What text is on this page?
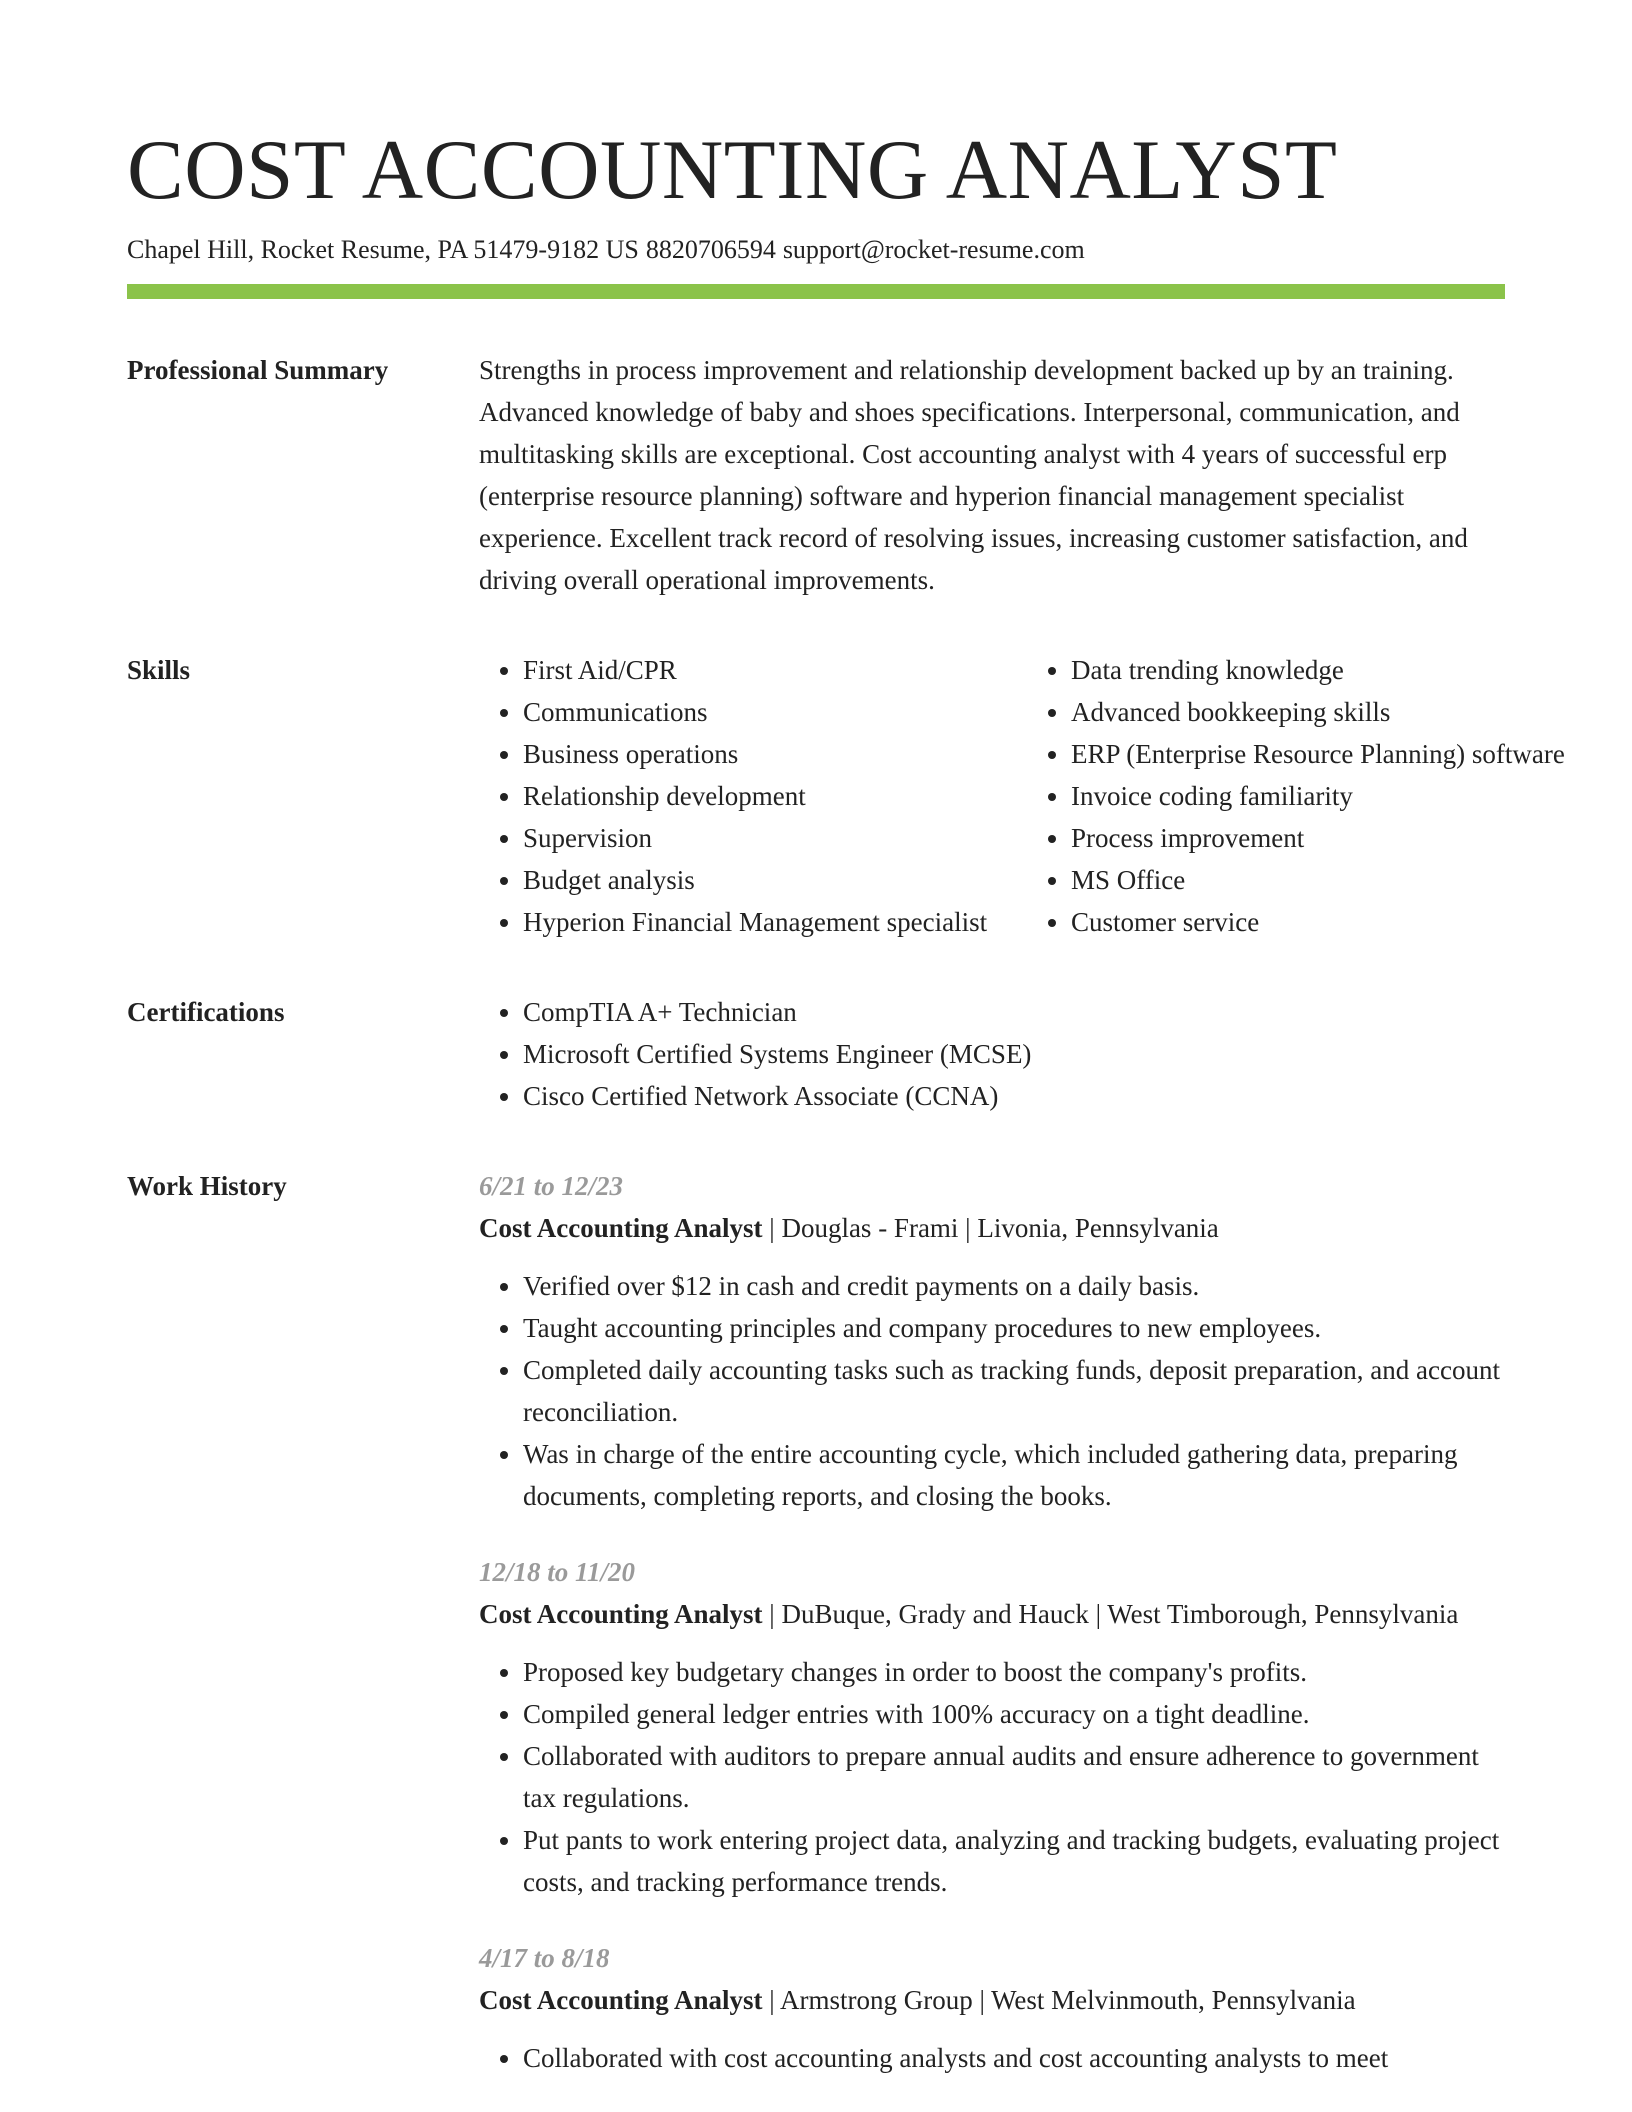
COST ACCOUNTING ANALYST
Chapel Hill, Rocket Resume, PA 51479-9182 US 8820706594 support@rocket-resume.com
Professional Summary	Strengths in process improvement and relationship development backed up by an training. Advanced knowledge of baby and shoes specifications. Interpersonal, communication, and multitasking skills are exceptional. Cost accounting analyst with 4 years of successful erp (enterprise resource planning) software and hyperion financial management specialist experience. Excellent track record of resolving issues, increasing customer satisfaction, and driving overall operational improvements.

Skills	• First Aid/CPR
• Communications
• Business operations
• Relationship development
• Supervision
• Budget analysis
• Hyperion Financial Management specialist
• Data trending knowledge
• Advanced bookkeeping skills
• ERP (Enterprise Resource Planning) software
• Invoice coding familiarity
• Process improvement
• MS Office
• Customer service
Certifications	• CompTIA A+ Technician
• Microsoft Certified Systems Engineer (MCSE)
• Cisco Certified Network Associate (CCNA)
Work History	6/21 to 12/23
Cost Accounting Analyst | Douglas - Frami | Livonia, Pennsylvania
• Verified over $12 in cash and credit payments on a daily basis.
• Taught accounting principles and company procedures to new employees.
• Completed daily accounting tasks such as tracking funds, deposit preparation, and account reconciliation.
• Was in charge of the entire accounting cycle, which included gathering data, preparing documents, completing reports, and closing the books.
12/18 to 11/20
Cost Accounting Analyst | DuBuque, Grady and Hauck | West Timborough, Pennsylvania
• Proposed key budgetary changes in order to boost the company's profits.
• Compiled general ledger entries with 100% accuracy on a tight deadline.
• Collaborated with auditors to prepare annual audits and ensure adherence to government tax regulations.
• Put pants to work entering project data, analyzing and tracking budgets, evaluating project costs, and tracking performance trends.
4/17 to 8/18
Cost Accounting Analyst | Armstrong Group | West Melvinmouth, Pennsylvania
• Collaborated with cost accounting analysts and cost accounting analysts to meet
